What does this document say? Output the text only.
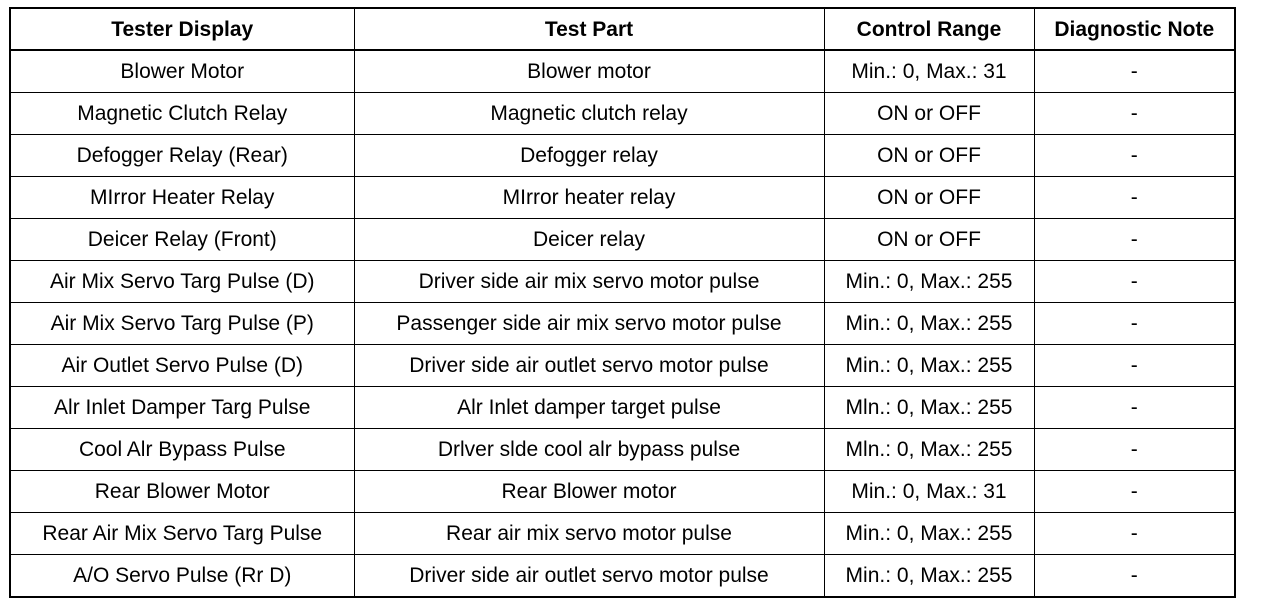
Tester Display	Test Part	Control Range	Diagnostic Note
Blower Motor	Blower motor	Min.: 0, Max.: 31	-
Magnetic Clutch Relay	Magnetic clutch relay	ON or OFF	-
Defogger Relay (Rear)	Defogger relay	ON or OFF	-
MIrror Heater Relay	MIrror heater relay	ON or OFF	-
Deicer Relay (Front)	Deicer relay	ON or OFF	-
Air Mix Servo Targ Pulse (D)	Driver side air mix servo motor pulse	Min.: 0, Max.: 255	-
Air Mix Servo Targ Pulse (P)	Passenger side air mix servo motor pulse	Min.: 0, Max.: 255	-
Air Outlet Servo Pulse (D)	Driver side air outlet servo motor pulse	Min.: 0, Max.: 255	-
Alr Inlet Damper Targ Pulse	Alr Inlet damper target pulse	Mln.: 0, Max.: 255	-
Cool Alr Bypass Pulse	Drlver slde cool alr bypass pulse	Mln.: 0, Max.: 255	-
Rear Blower Motor	Rear Blower motor	Min.: 0, Max.: 31	-
Rear Air Mix Servo Targ Pulse	Rear air mix servo motor pulse	Min.: 0, Max.: 255	-
A/O Servo Pulse (Rr D)	Driver side air outlet servo motor pulse	Min.: 0, Max.: 255	-
